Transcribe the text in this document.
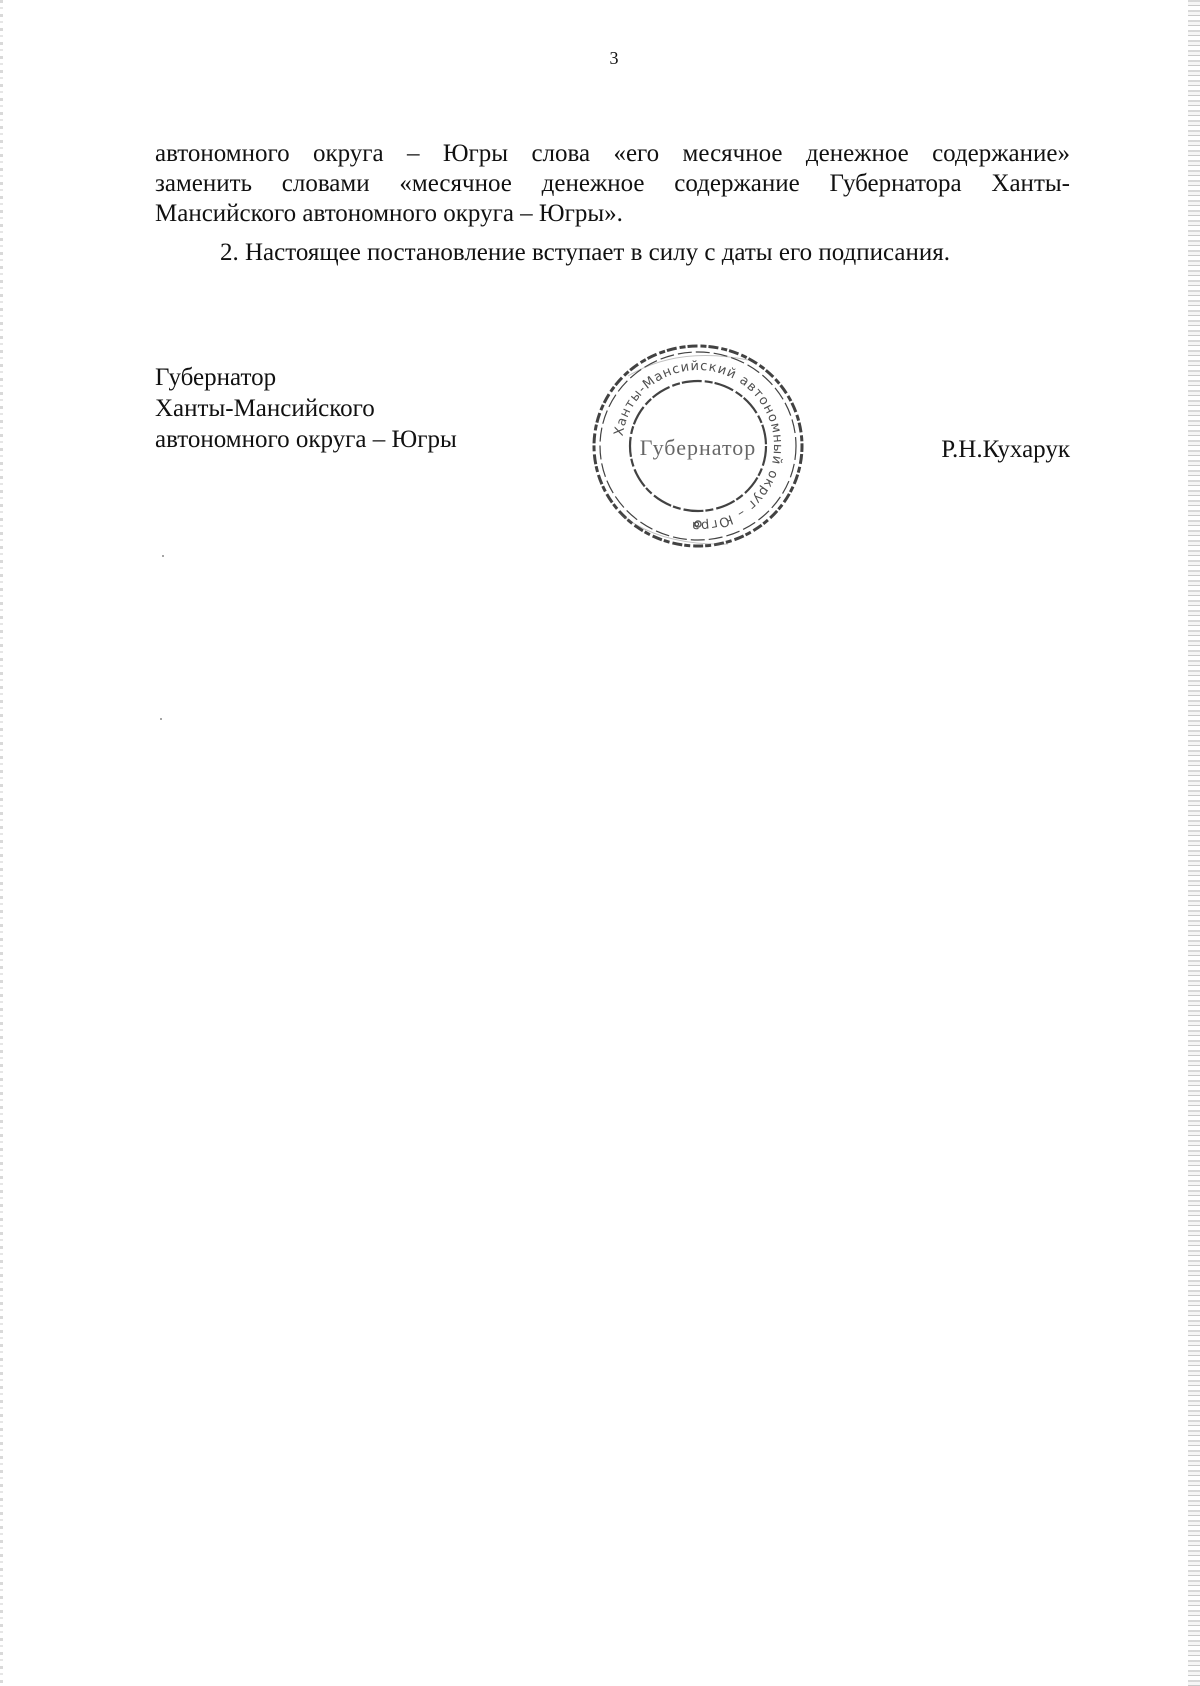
3
автономного округа – Югры слова «его месячное денежное содержание»
заменить словами «месячное денежное содержание Губернатора Ханты-
Мансийского автономного округа – Югры».
2. Настоящее постановление вступает в силу с даты его подписания.
Губернатор
Ханты-Мансийского
автономного округа – Югры	Ханты-Мансийский автономный округ – Югра
Губернатор	Р.Н.Кухарук
